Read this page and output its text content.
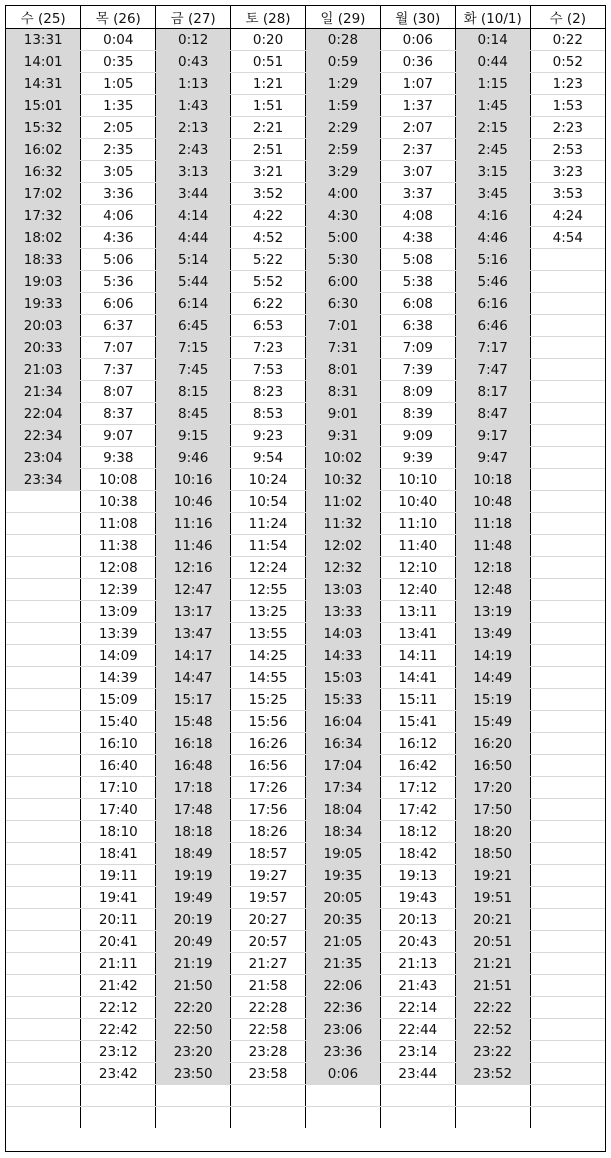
수 (25)	목 (26)	금 (27)	토 (28)	일 (29)	월 (30)	화 (10/1)	수 (2)
13:31	0:04	0:12	0:20	0:28	0:06	0:14	0:22
14:01	0:35	0:43	0:51	0:59	0:36	0:44	0:52
14:31	1:05	1:13	1:21	1:29	1:07	1:15	1:23
15:01	1:35	1:43	1:51	1:59	1:37	1:45	1:53
15:32	2:05	2:13	2:21	2:29	2:07	2:15	2:23
16:02	2:35	2:43	2:51	2:59	2:37	2:45	2:53
16:32	3:05	3:13	3:21	3:29	3:07	3:15	3:23
17:02	3:36	3:44	3:52	4:00	3:37	3:45	3:53
17:32	4:06	4:14	4:22	4:30	4:08	4:16	4:24
18:02	4:36	4:44	4:52	5:00	4:38	4:46	4:54
18:33	5:06	5:14	5:22	5:30	5:08	5:16	
19:03	5:36	5:44	5:52	6:00	5:38	5:46	
19:33	6:06	6:14	6:22	6:30	6:08	6:16	
20:03	6:37	6:45	6:53	7:01	6:38	6:46	
20:33	7:07	7:15	7:23	7:31	7:09	7:17	
21:03	7:37	7:45	7:53	8:01	7:39	7:47	
21:34	8:07	8:15	8:23	8:31	8:09	8:17	
22:04	8:37	8:45	8:53	9:01	8:39	8:47	
22:34	9:07	9:15	9:23	9:31	9:09	9:17	
23:04	9:38	9:46	9:54	10:02	9:39	9:47	
23:34	10:08	10:16	10:24	10:32	10:10	10:18	
	10:38	10:46	10:54	11:02	10:40	10:48	
	11:08	11:16	11:24	11:32	11:10	11:18	
	11:38	11:46	11:54	12:02	11:40	11:48	
	12:08	12:16	12:24	12:32	12:10	12:18	
	12:39	12:47	12:55	13:03	12:40	12:48	
	13:09	13:17	13:25	13:33	13:11	13:19	
	13:39	13:47	13:55	14:03	13:41	13:49	
	14:09	14:17	14:25	14:33	14:11	14:19	
	14:39	14:47	14:55	15:03	14:41	14:49	
	15:09	15:17	15:25	15:33	15:11	15:19	
	15:40	15:48	15:56	16:04	15:41	15:49	
	16:10	16:18	16:26	16:34	16:12	16:20	
	16:40	16:48	16:56	17:04	16:42	16:50	
	17:10	17:18	17:26	17:34	17:12	17:20	
	17:40	17:48	17:56	18:04	17:42	17:50	
	18:10	18:18	18:26	18:34	18:12	18:20	
	18:41	18:49	18:57	19:05	18:42	18:50	
	19:11	19:19	19:27	19:35	19:13	19:21	
	19:41	19:49	19:57	20:05	19:43	19:51	
	20:11	20:19	20:27	20:35	20:13	20:21	
	20:41	20:49	20:57	21:05	20:43	20:51	
	21:11	21:19	21:27	21:35	21:13	21:21	
	21:42	21:50	21:58	22:06	21:43	21:51	
	22:12	22:20	22:28	22:36	22:14	22:22	
	22:42	22:50	22:58	23:06	22:44	22:52	
	23:12	23:20	23:28	23:36	23:14	23:22	
	23:42	23:50	23:58	0:06	23:44	23:52	
